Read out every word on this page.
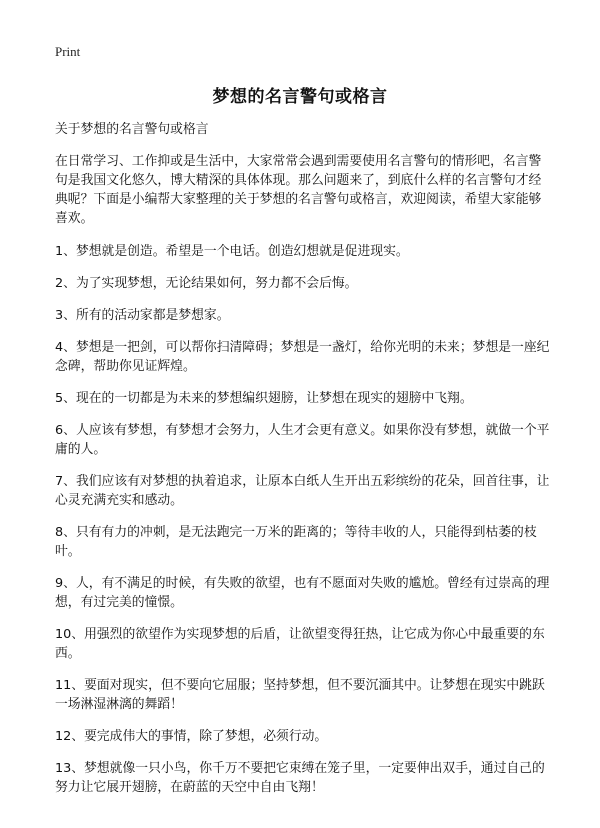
Print
梦想的名言警句或格言

关于梦想的名言警句或格言

在日常学习、工作抑或是生活中，大家常常会遇到需要使用名言警句的情形吧，名言警句是我国文化悠久，博大精深的具体体现。那么问题来了，到底什么样的名言警句才经典呢？下面是小编帮大家整理的关于梦想的名言警句或格言，欢迎阅读，希望大家能够喜欢。

1、梦想就是创造。希望是一个电话。创造幻想就是促进现实。

2、为了实现梦想，无论结果如何，努力都不会后悔。

3、所有的活动家都是梦想家。

4、梦想是一把剑，可以帮你扫清障碍；梦想是一盏灯，给你光明的未来；梦想是一座纪念碑，帮助你见证辉煌。

5、现在的一切都是为未来的梦想编织翅膀，让梦想在现实的翅膀中飞翔。

6、人应该有梦想，有梦想才会努力，人生才会更有意义。如果你没有梦想，就做一个平庸的人。

7、我们应该有对梦想的执着追求，让原本白纸人生开出五彩缤纷的花朵，回首往事，让心灵充满充实和感动。

8、只有有力的冲刺，是无法跑完一万米的距离的；等待丰收的人，只能得到枯萎的枝叶。

9、人，有不满足的时候，有失败的欲望，也有不愿面对失败的尴尬。曾经有过崇高的理想，有过完美的憧憬。

10、用强烈的欲望作为实现梦想的后盾，让欲望变得狂热，让它成为你心中最重要的东西。

11、要面对现实，但不要向它屈服；坚持梦想，但不要沉湎其中。让梦想在现实中跳跃一场淋湿淋漓的舞蹈！

12、要完成伟大的事情，除了梦想，必须行动。

13、梦想就像一只小鸟，你千万不要把它束缚在笼子里，一定要伸出双手，通过自己的努力让它展开翅膀，在蔚蓝的天空中自由飞翔！
